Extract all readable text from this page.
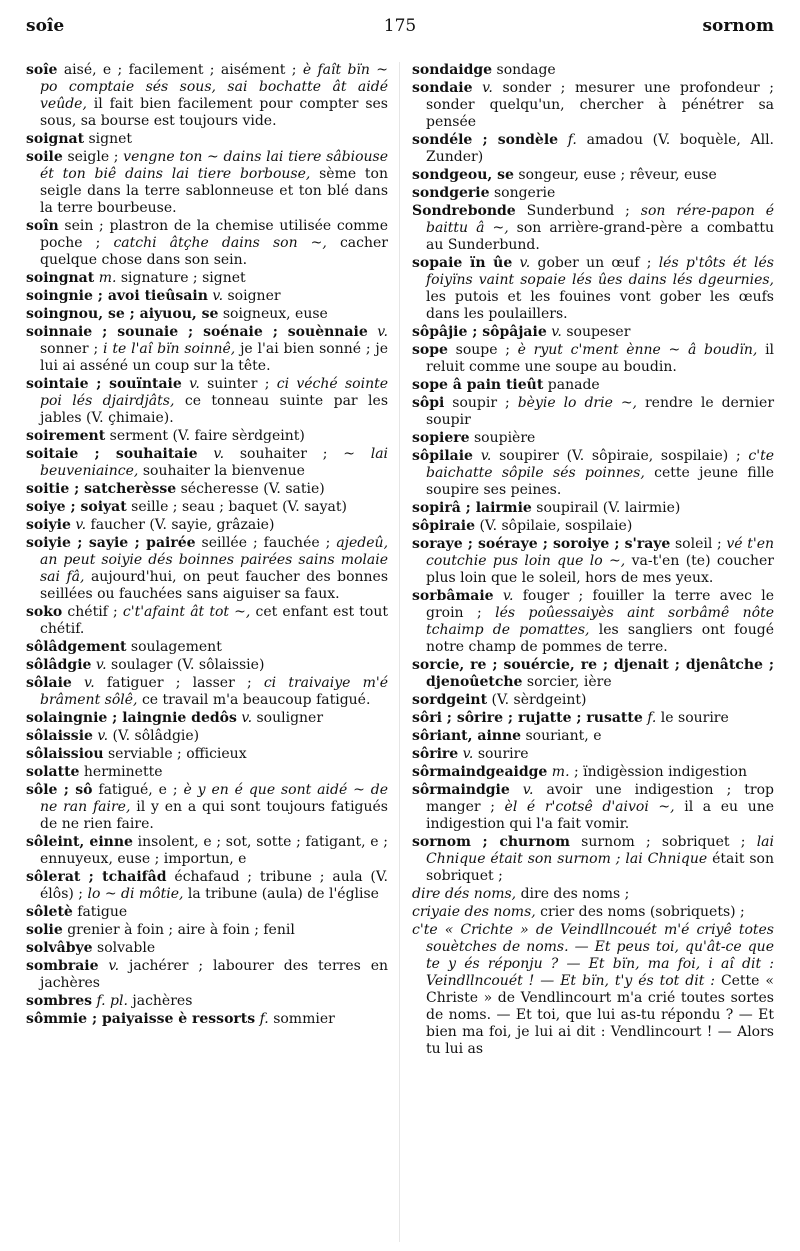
soîe	175	sornom

soîe aisé, e ; facilement ; aisément ; è faît bïn ~ po comptaie sés sous, sai bochatte ât aidé veûde, il fait bien facilement pour compter ses sous, sa bourse est toujours vide.

soignat signet

soile seigle ; vengne ton ~ dains lai tiere sâbiouse ét ton biê dains lai tiere borbouse, sème ton seigle dans la terre sablonneuse et ton blé dans la terre bourbeuse.

soîn sein ; plastron de la chemise utilisée comme poche ; catchi âtçhe dains son ~, cacher quelque chose dans son sein.

soingnat m. signature ; signet

soingnie ; avoi tieûsain v. soigner

soingnou, se ; aiyuou, se soigneux, euse

soinnaie ; sounaie ; soénaie ; souènnaie v. sonner ; i te l'aî bïn soinnê, je l'ai bien sonné ; je lui ai asséné un coup sur la tête.

sointaie ; souïntaie v. suinter ; ci véché sointe poi lés djairdjâts, ce tonneau suinte par les jables (V. çhimaie).

soirement serment (V. faire sèrdgeint)

soitaie ; souhaitaie v. souhaiter ; ~ lai beuveniaince, souhaiter la bienvenue

soitie ; satcherèsse sécheresse (V. satie)

soiye ; soiyat seille ; seau ; baquet (V. sayat)

soiyie v. faucher (V. sayie, grâzaie)

soiyie ; sayie ; pairée seillée ; fauchée ; ajedeû, an peut soiyie dés boinnes pairées sains molaie sai fâ, aujourd'hui, on peut faucher des bonnes seillées ou fauchées sans aiguiser sa faux.

soko chétif ; c't'afaint ât tot ~, cet enfant est tout chétif.

sôlâdgement soulagement

sôlâdgie v. soulager (V. sôlaissie)

sôlaie v. fatiguer ; lasser ; ci traivaiye m'é brâment sôlê, ce travail m'a beaucoup fatigué.

solaingnie ; laingnie dedôs v. souligner

sôlaissie v. (V. sôlâdgie)

sôlaissiou serviable ; officieux

solatte herminette

sôle ; sô fatigué, e ; è y en é que sont aidé ~ de ne ran faire, il y en a qui sont toujours fatigués de ne rien faire.

sôleint, einne insolent, e ; sot, sotte ; fatigant, e ; ennuyeux, euse ; importun, e

sôlerat ; tchaifâd échafaud ; tribune ; aula (V. élôs) ; lo ~ di môtie, la tribune (aula) de l'église

sôletè fatigue

solie grenier à foin ; aire à foin ; fenil

solvâbye solvable

sombraie v. jachérer ; labourer des terres en jachères

sombres f. pl. jachères

sômmie ; paiyaisse è ressorts f. sommier

sondaidge sondage

sondaie v. sonder ; mesurer une profondeur ; sonder quelqu'un, chercher à pénétrer sa pensée

sondéle ; sondèle f. amadou (V. boquèle, All. Zunder)

sondgeou, se songeur, euse ; rêveur, euse

sondgerie songerie

Sondrebonde Sunderbund ; son rére-papon é baittu â ~, son arrière-grand-père a combattu au Sunderbund.

sopaie ïn ûe v. gober un œuf ; lés p'tôts ét lés foiyïns vaint sopaie lés ûes dains lés dgeurnies, les putois et les fouines vont gober les œufs dans les poulaillers.

sôpâjie ; sôpâjaie v. soupeser

sope soupe ; è ryut c'ment ènne ~ â boudïn, il reluit comme une soupe au boudin.

sope â pain tieût panade

sôpi soupir ; bèyie lo drie ~, rendre le dernier soupir

sopiere soupière

sôpilaie v. soupirer (V. sôpiraie, sospilaie) ; c'te baichatte sôpile sés poinnes, cette jeune fille soupire ses peines.

sopirâ ; lairmie soupirail (V. lairmie)

sôpiraie (V. sôpilaie, sospilaie)

soraye ; soéraye ; soroiye ; s'raye soleil ; vé t'en coutchie pus loin que lo ~, va-t'en (te) coucher plus loin que le soleil, hors de mes yeux.

sorbâmaie v. fouger ; fouiller la terre avec le groin ; lés poûessaiyès aint sorbâmê nôte tchaimp de pomattes, les sangliers ont fougé notre champ de pommes de terre.

sorcie, re ; souércie, re ; djenait ; djenâtche ; djenoûetche sorcier, ière

sordgeint (V. sèrdgeint)

sôri ; sôrire ; rujatte ; rusatte f. le sourire

sôriant, ainne souriant, e

sôrire v. sourire

sôrmaindgeaidge m. ; ïndigèssion indigestion

sôrmaindgie v. avoir une indigestion ; trop manger ; èl é r'cotsê d'aivoi ~, il a eu une indigestion qui l'a fait vomir.

sornom ; churnom surnom ; sobriquet ; lai Chnique était son surnom ; lai Chnique était son sobriquet ;

dire dés noms, dire des noms ;

criyaie des noms, crier des noms (sobriquets) ;

c'te « Crichte » de Veindllncouét m'é criyê totes souètches de noms. — Et peus toi, qu'ât-ce que te y és réponju ? — Et bïn, ma foi, i aî dit : Veindllncouét ! — Et bïn, t'y és tot dit : Cette « Christe » de Vendlincourt m'a crié toutes sortes de noms. — Et toi, que lui as-tu répondu ? — Et bien ma foi, je lui ai dit : Vendlincourt ! — Alors tu lui as
